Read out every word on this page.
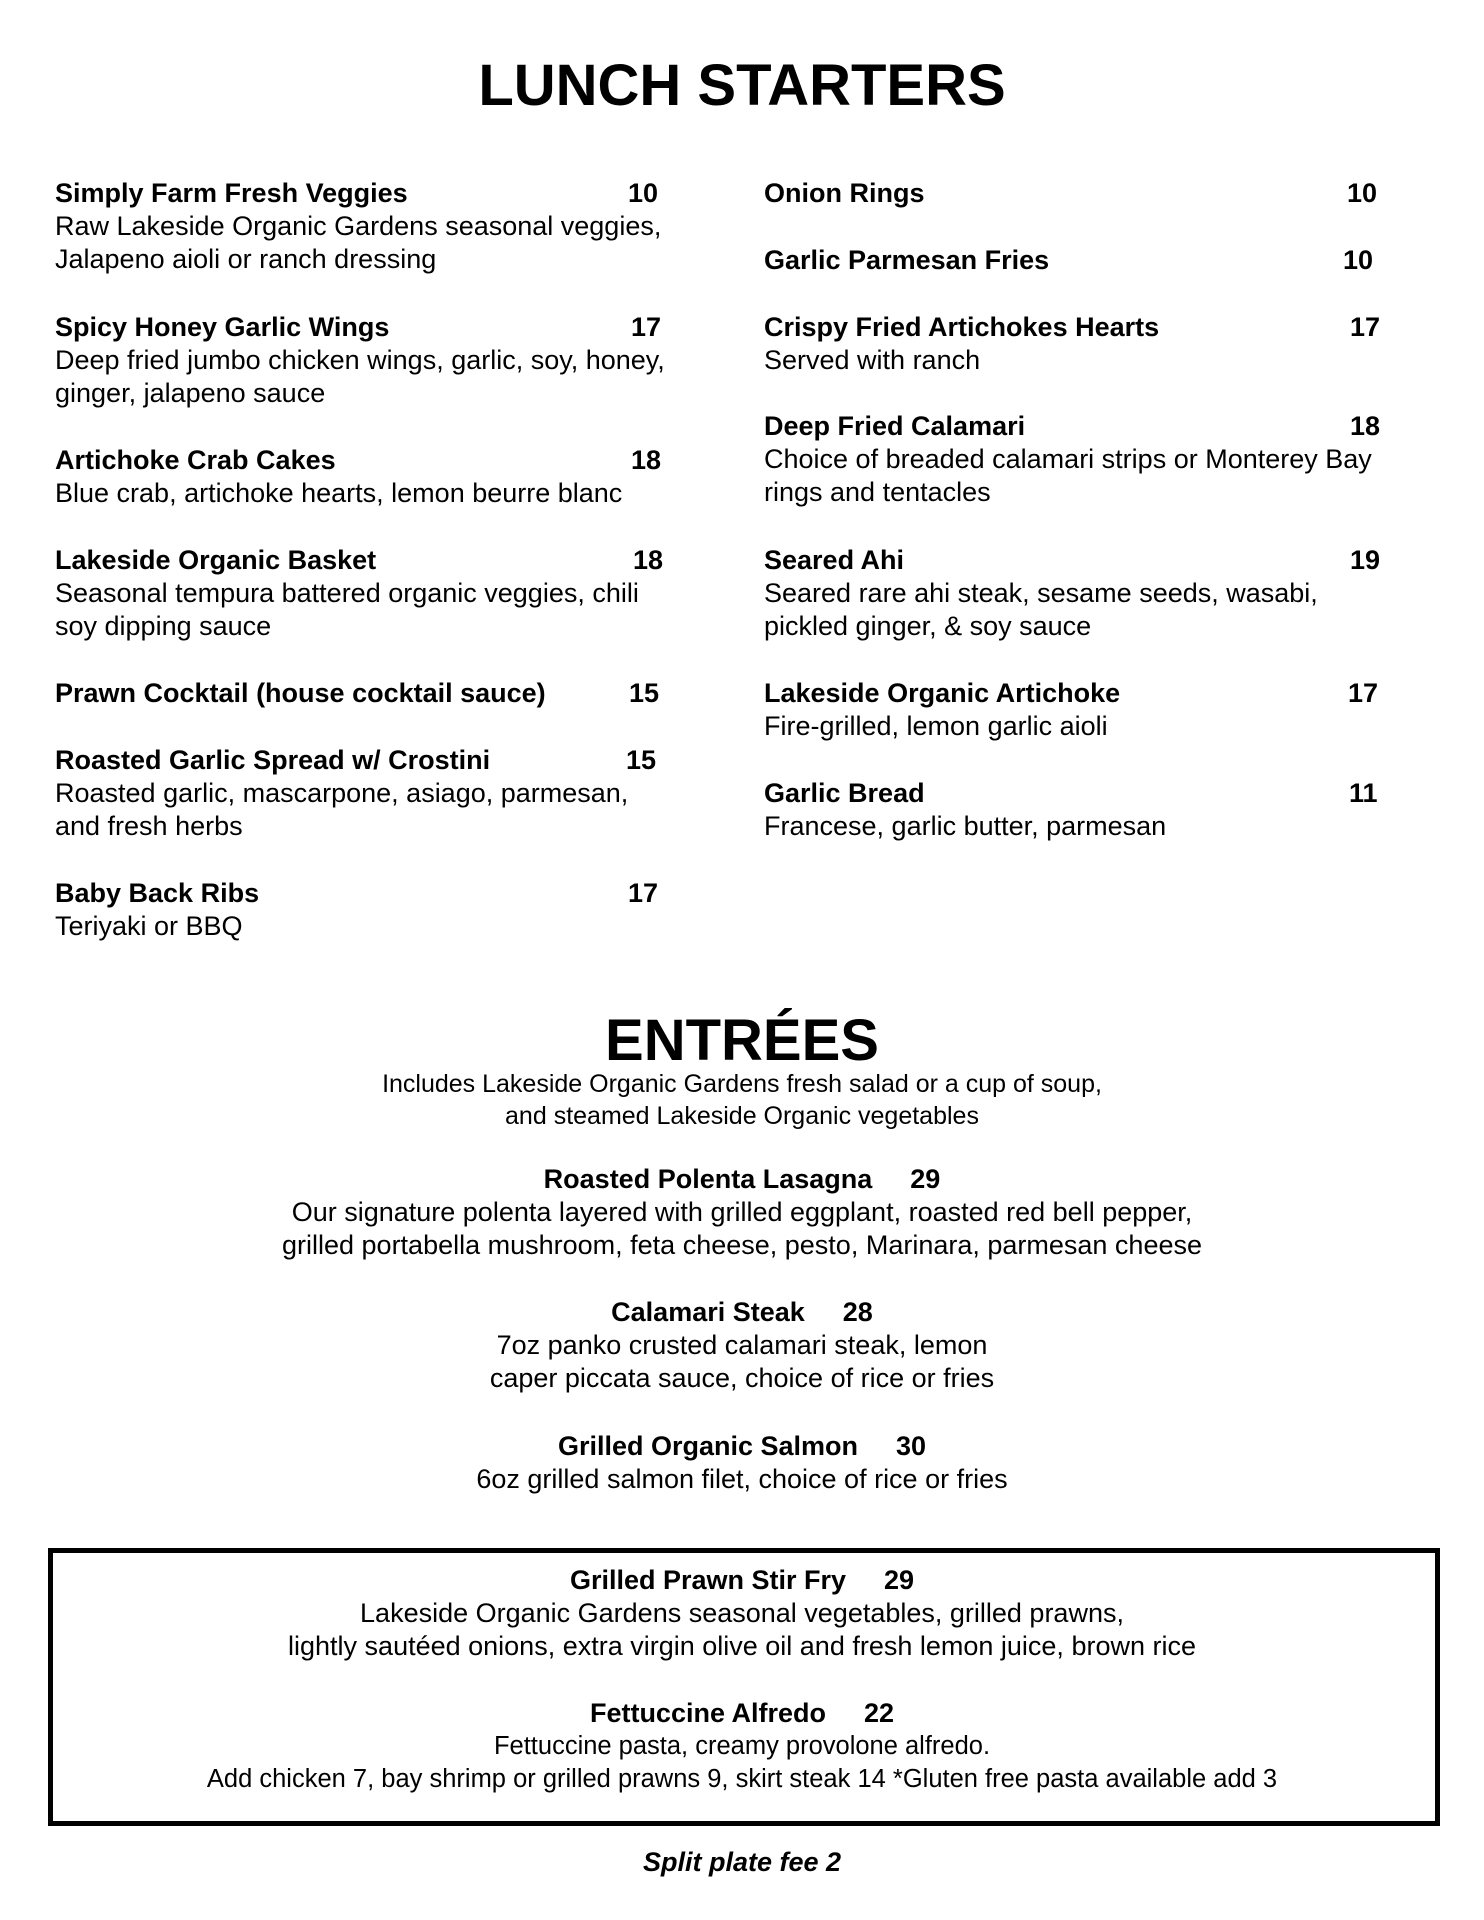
LUNCH STARTERS
Simply Farm Fresh Veggies	10
Raw Lakeside Organic Gardens seasonal veggies,
Jalapeno aioli or ranch dressing
Spicy Honey Garlic Wings	17
Deep fried jumbo chicken wings, garlic, soy, honey,
ginger, jalapeno sauce
Artichoke Crab Cakes	18
Blue crab, artichoke hearts, lemon beurre blanc
Lakeside Organic Basket	18
Seasonal tempura battered organic veggies, chili
soy dipping sauce
Prawn Cocktail (house cocktail sauce)	15
Roasted Garlic Spread w/ Crostini	15
Roasted garlic, mascarpone, asiago, parmesan,
and fresh herbs
Baby Back Ribs	17
Teriyaki or BBQ
Onion Rings	10
Garlic Parmesan Fries	10
Crispy Fried Artichokes Hearts	17
Served with ranch
Deep Fried Calamari	18
Choice of breaded calamari strips or Monterey Bay
rings and tentacles
Seared Ahi	19
Seared rare ahi steak, sesame seeds, wasabi,
pickled ginger, & soy sauce
Lakeside Organic Artichoke	17
Fire-grilled, lemon garlic aioli
Garlic Bread	11
Francese, garlic butter, parmesan
ENTRÉES
Includes Lakeside Organic Gardens fresh salad or a cup of soup,
and steamed Lakeside Organic vegetables
Roasted Polenta Lasagna 29
Our signature polenta layered with grilled eggplant, roasted red bell pepper,
grilled portabella mushroom, feta cheese, pesto, Marinara, parmesan cheese
Calamari Steak 28
7oz panko crusted calamari steak, lemon
caper piccata sauce, choice of rice or fries
Grilled Organic Salmon 30
6oz grilled salmon filet, choice of rice or fries
Grilled Prawn Stir Fry 29
Lakeside Organic Gardens seasonal vegetables, grilled prawns,
lightly sautéed onions, extra virgin olive oil and fresh lemon juice, brown rice
Fettuccine Alfredo 22
Fettuccine pasta, creamy provolone alfredo.
Add chicken 7, bay shrimp or grilled prawns 9, skirt steak 14 *Gluten free pasta available add 3
Split plate fee 2
